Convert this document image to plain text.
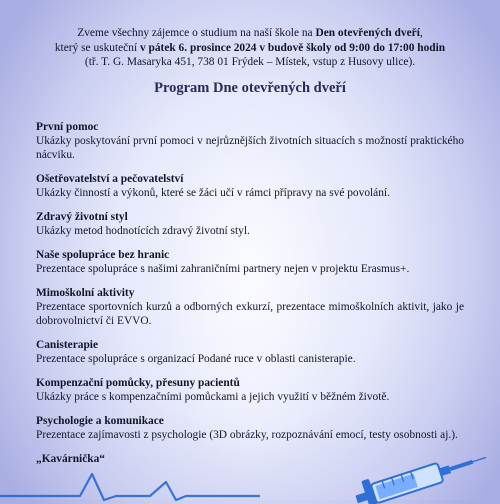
Zveme všechny zájemce o studium na naší škole na Den otevřených dveří,

který se uskuteční v pátek 6. prosince 2024 v budově školy od 9:00 do 17:00 hodin

(tř. T. G. Masaryka 451, 738 01 Frýdek – Místek, vstup z Husovy ulice).

Program Dne otevřených dveří
První pomoc
Ukázky poskytování první pomoci v nejrůznějších životních situacích s možností praktického nácviku.
Ošetřovatelství a pečovatelství
Ukázky činností a výkonů, které se žáci učí v rámci přípravy na své povolání.
Zdravý životní styl
Ukázky metod hodnotících zdravý životní styl.
Naše spolupráce bez hranic
Prezentace spolupráce s našimi zahraničními partnery nejen v projektu Erasmus+.
Mimoškolní aktivity
Prezentace sportovních kurzů a odborných exkurzí, prezentace mimoškolních aktivit, jako je dobrovolnictví či EVVO.
Canisterapie
Prezentace spolupráce s organizací Podané ruce v oblasti canisterapie.
Kompenzační pomůcky, přesuny pacientů
Ukázky práce s kompenzačními pomůckami a jejich využití v běžném životě.
Psychologie a komunikace
Prezentace zajímavosti z psychologie (3D obrázky, rozpoznávání emocí, testy osobnosti aj.).
„Kavárnička“
